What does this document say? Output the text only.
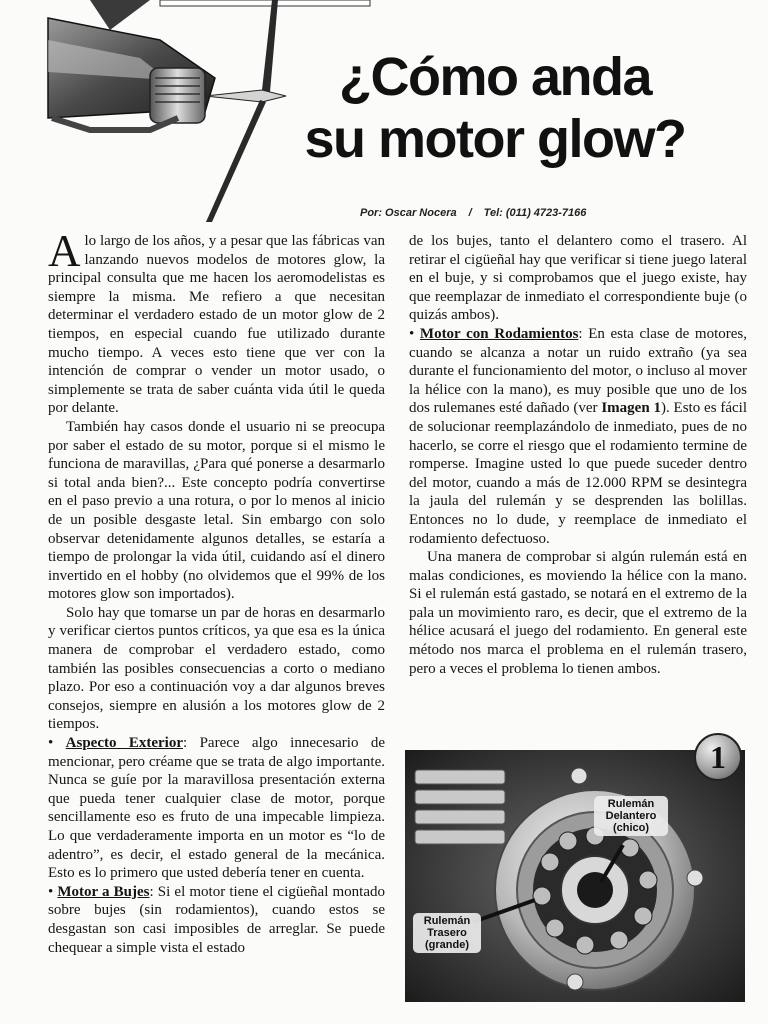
¿Cómo anda
su motor glow?
Por: Oscar Nocera / Tel: (011) 4723-7166

Alo largo de los años, y a pesar que las fábricas van lanzando nuevos modelos de motores glow, la principal consulta que me hacen los aeromodelistas es siempre la misma. Me refiero a que necesitan determinar el verdadero estado de un motor glow de 2 tiempos, en especial cuando fue utilizado durante mucho tiempo. A veces esto tiene que ver con la intención de comprar o vender un motor usado, o simplemente se trata de saber cuánta vida útil le queda por delante.

También hay casos donde el usuario ni se preocupa por saber el estado de su motor, porque si el mismo le funciona de maravillas, ¿Para qué ponerse a desarmarlo si total anda bien?... Este concepto podría convertirse en el paso previo a una rotura, o por lo menos al inicio de un posible desgaste letal. Sin embargo con solo observar detenidamente algunos detalles, se estaría a tiempo de prolongar la vida útil, cuidando así el dinero invertido en el hobby (no olvidemos que el 99% de los motores glow son importados).

Solo hay que tomarse un par de horas en desarmarlo y verificar ciertos puntos críticos, ya que esa es la única manera de comprobar el verdadero estado, como también las posibles consecuencias a corto o mediano plazo. Por eso a continuación voy a dar algunos breves consejos, siempre en alusión a los motores glow de 2 tiempos.

• Aspecto Exterior: Parece algo innecesario de mencionar, pero créame que se trata de algo importante. Nunca se guíe por la maravillosa presentación externa que pueda tener cualquier clase de motor, porque sencillamente eso es fruto de una impecable limpieza. Lo que verdaderamente importa en un motor es “lo de adentro”, es decir, el estado general de la mecánica. Esto es lo primero que usted debería tener en cuenta.

• Motor a Bujes: Si el motor tiene el cigüeñal montado sobre bujes (sin rodamientos), cuando estos se desgastan son casi imposibles de arreglar. Se puede chequear a simple vista el estado

de los bujes, tanto el delantero como el trasero. Al retirar el cigüeñal hay que verificar si tiene juego lateral en el buje, y si comprobamos que el juego existe, hay que reemplazar de inmediato el correspondiente buje (o quizás ambos).

• Motor con Rodamientos: En esta clase de motores, cuando se alcanza a notar un ruido extraño (ya sea durante el funcionamiento del motor, o incluso al mover la hélice con la mano), es muy posible que uno de los dos rulemanes esté dañado (ver Imagen 1). Esto es fácil de solucionar reemplazándolo de inmediato, pues de no hacerlo, se corre el riesgo que el rodamiento termine de romperse. Imagine usted lo que puede suceder dentro del motor, cuando a más de 12.000 RPM se desintegra la jaula del rulemán y se desprenden las bolillas. Entonces no lo dude, y reemplace de inmediato el rodamiento defectuoso.

Una manera de comprobar si algún rulemán está en malas condiciones, es moviendo la hélice con la mano. Si el rulemán está gastado, se notará en el extremo de la pala un movimiento raro, es decir, que el extremo de la hélice acusará el juego del rodamiento. En general este método nos marca el problema en el rulemán trasero, pero a veces el problema lo tienen ambos.

1
Rulemán
Delantero
(chico)
Rulemán
Trasero
(grande)
